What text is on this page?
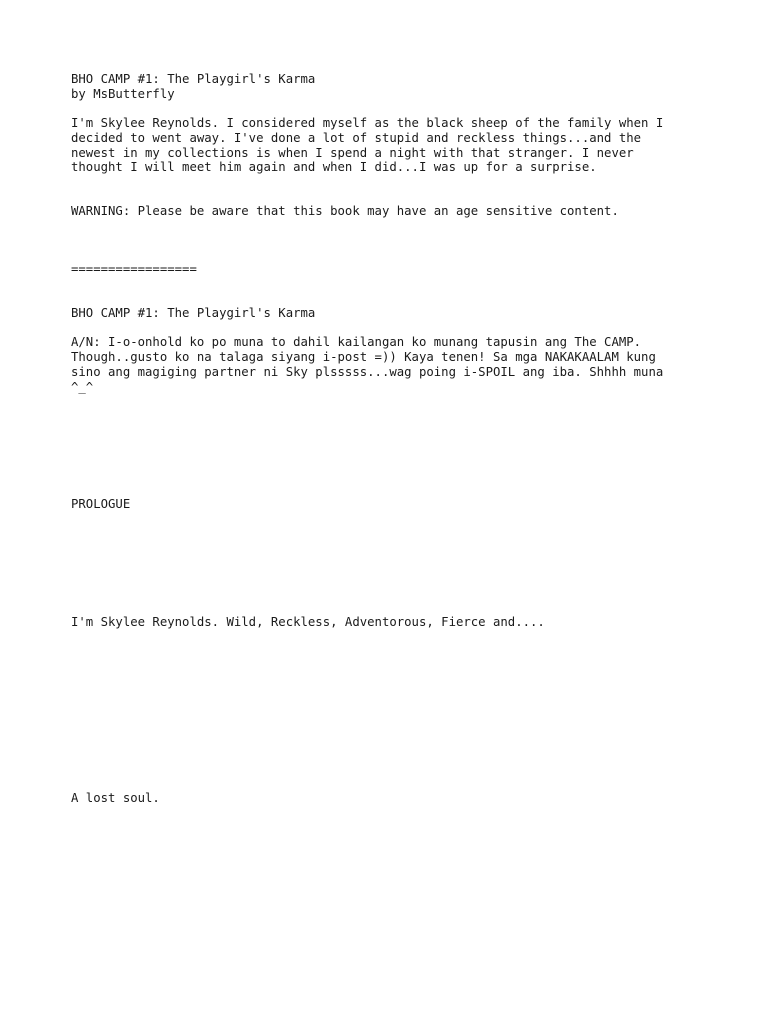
BHO CAMP #1: The Playgirl's Karma

by MsButterfly

I'm Skylee Reynolds. I considered myself as the black sheep of the family when I

decided to went away. I've done a lot of stupid and reckless things...and the

newest in my collections is when I spend a night with that stranger. I never

thought I will meet him again and when I did...I was up for a surprise.

WARNING: Please be aware that this book may have an age sensitive content.

=================

BHO CAMP #1: The Playgirl's Karma

A/N: I-o-onhold ko po muna to dahil kailangan ko munang tapusin ang The CAMP.

Though..gusto ko na talaga siyang i-post =)) Kaya tenen! Sa mga NAKAKAALAM kung

sino ang magiging partner ni Sky plsssss...wag poing i-SPOIL ang iba. Shhhh muna

^_^

PROLOGUE

I'm Skylee Reynolds. Wild, Reckless, Adventorous, Fierce and....

A lost soul.
